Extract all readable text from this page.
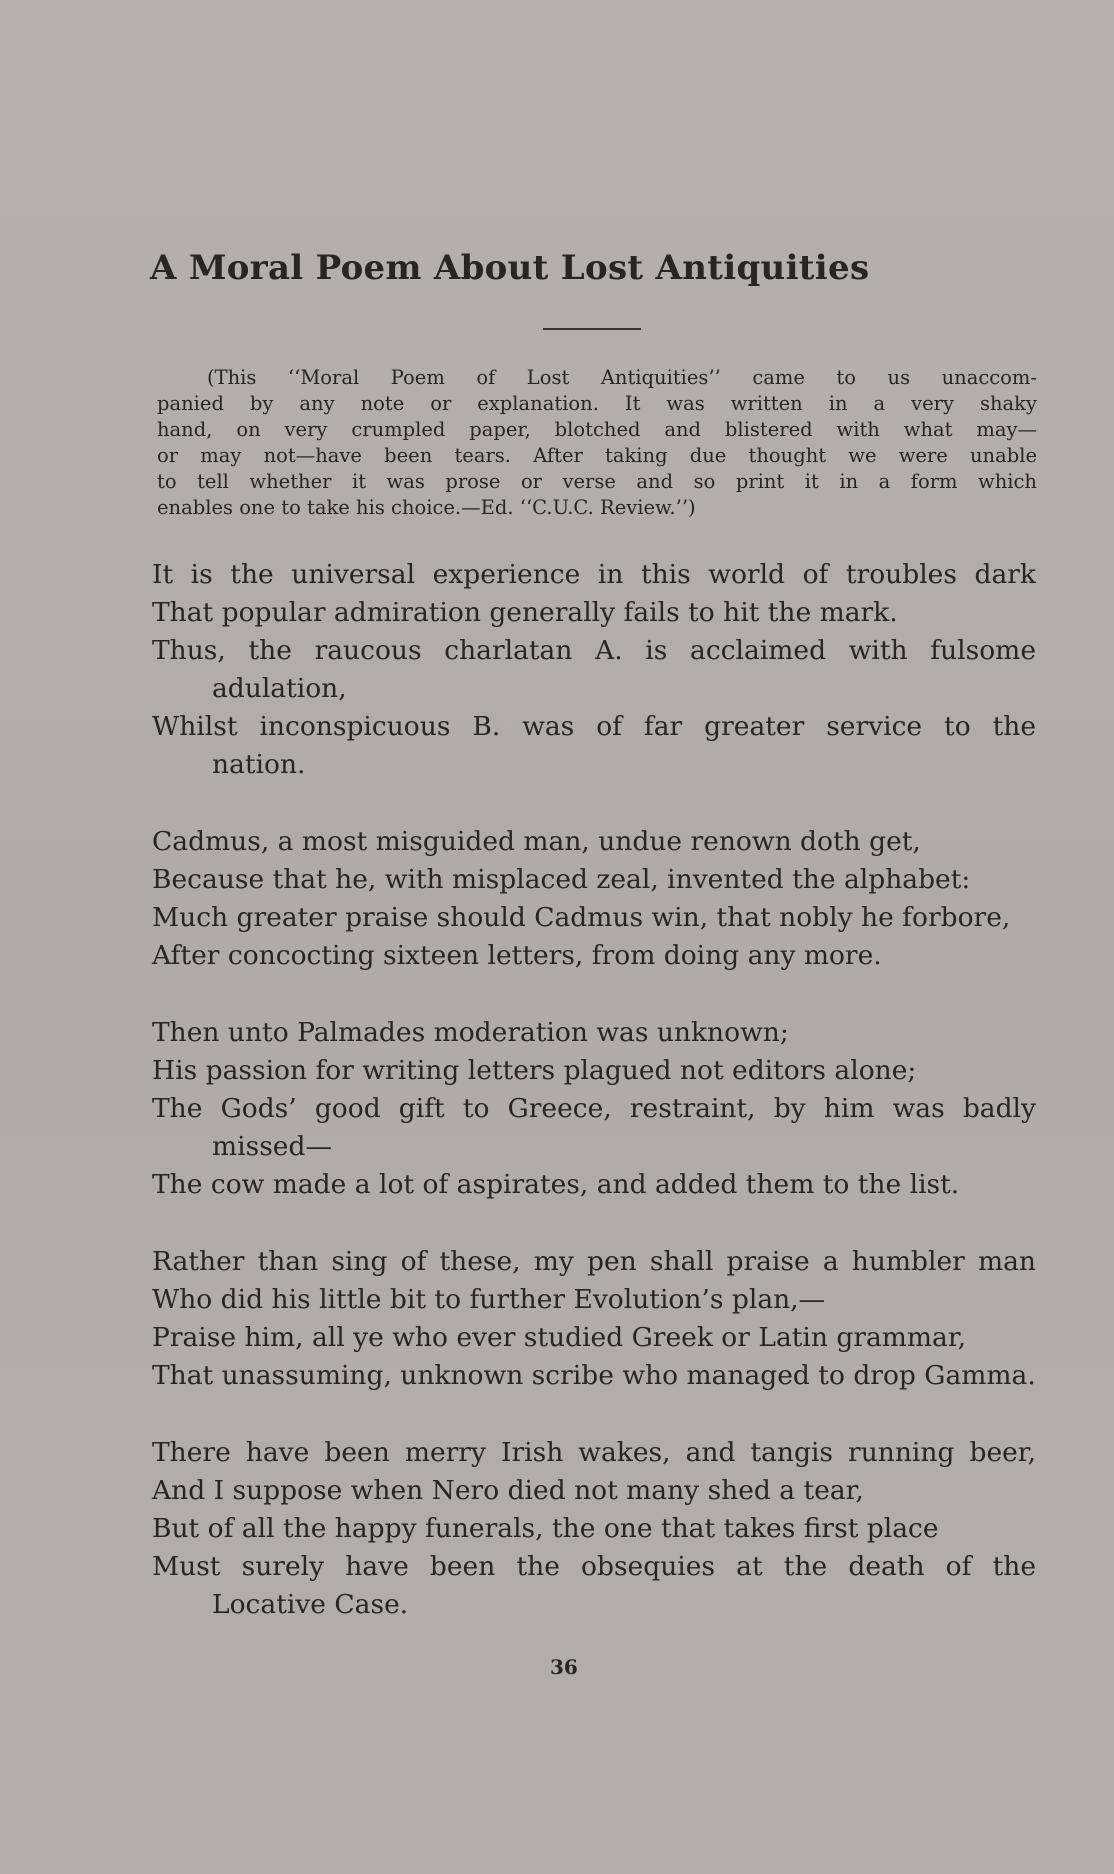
A Moral Poem About Lost Antiquities
(This ‘‘Moral Poem of Lost Antiquities’’ came to us unaccom-
panied by any note or explanation. It was written in a very shaky
hand, on very crumpled paper, blotched and blistered with what may—
or may not—have been tears. After taking due thought we were unable
to tell whether it was prose or verse and so print it in a form which
enables one to take his choice.—Ed. ‘‘C.U.C. Review.’’)
It is the universal experience in this world of troubles dark
That popular admiration generally fails to hit the mark.
Thus, the raucous charlatan A. is acclaimed with fulsome
adulation,
Whilst inconspicuous B. was of far greater service to the
nation.
Cadmus, a most misguided man, undue renown doth get,
Because that he, with misplaced zeal, invented the alphabet:
Much greater praise should Cadmus win, that nobly he forbore,
After concocting sixteen letters, from doing any more.
Then unto Palmades moderation was unknown;
His passion for writing letters plagued not editors alone;
The Gods’ good gift to Greece, restraint, by him was badly
missed—
The cow made a lot of aspirates, and added them to the list.
Rather than sing of these, my pen shall praise a humbler man
Who did his little bit to further Evolution’s plan,—
Praise him, all ye who ever studied Greek or Latin grammar,
That unassuming, unknown scribe who managed to drop Gamma.
There have been merry Irish wakes, and tangis running beer,
And I suppose when Nero died not many shed a tear,
But of all the happy funerals, the one that takes first place
Must surely have been the obsequies at the death of the
Locative Case.
36
